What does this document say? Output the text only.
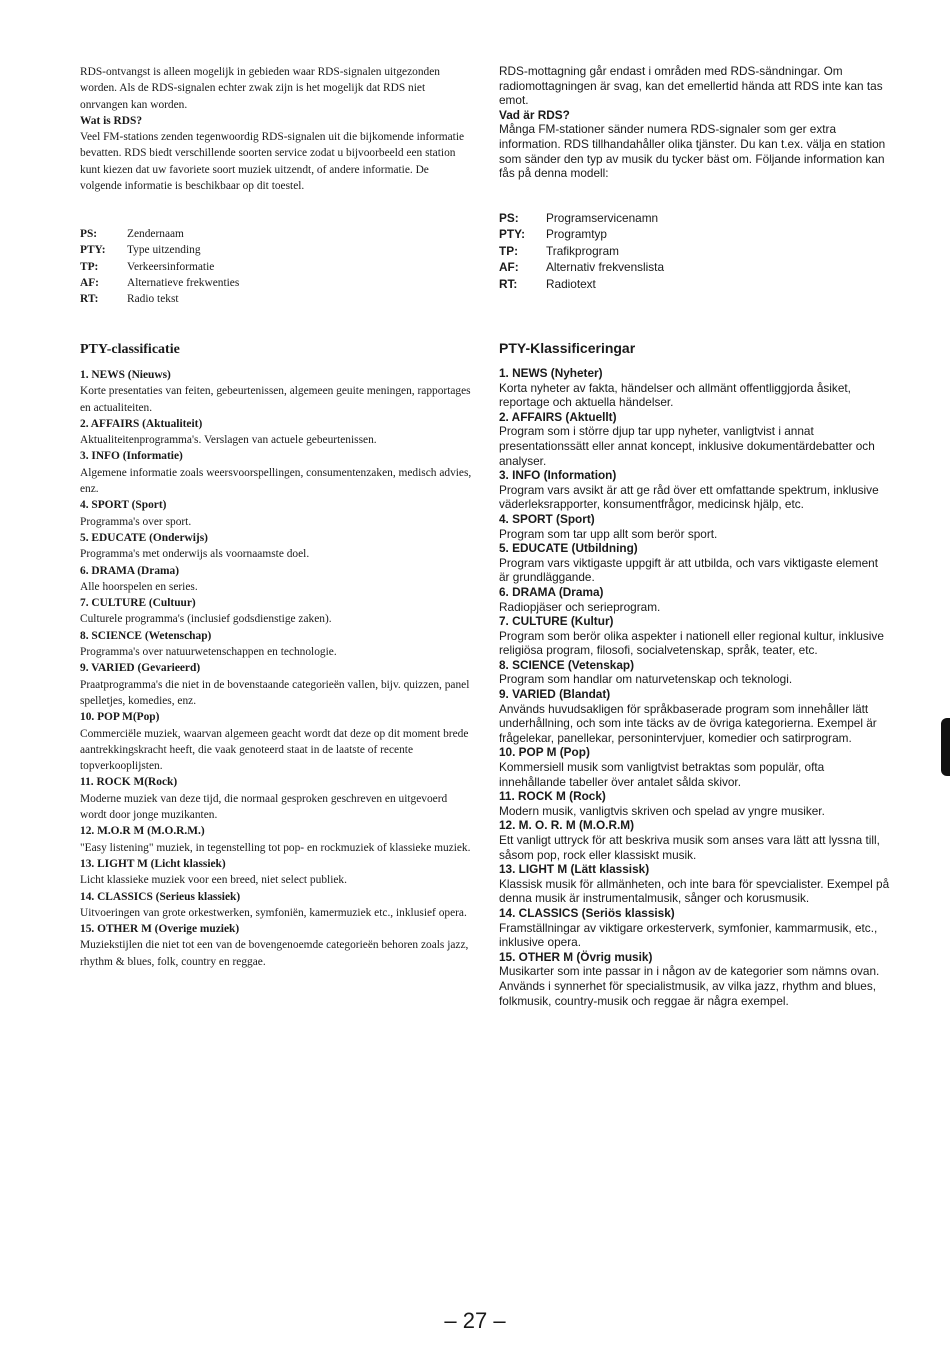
RDS-ontvangst is alleen mogelijk in gebieden waar RDS-signalen uitgezonden worden. Als de RDS-signalen echter zwak zijn is het mogelijk dat RDS niet onrvangen kan worden.

Wat is RDS?

Veel FM-stations zenden tegenwoordig RDS-signalen uit die bijkomende informatie bevatten. RDS biedt verschillende soorten service zodat u bijvoorbeeld een station kunt kiezen dat uw favoriete soort muziek uitzendt, of andere informatie. De volgende informatie is beschikbaar op dit toestel.

PS:	Zendernaam
PTY:	Type uitzending
TP:	Verkeersinformatie
AF:	Alternatieve frekwenties
RT:	Radio tekst

PTY-classificatie

1. NEWS (Nieuws)

Korte presentaties van feiten, gebeurtenissen, algemeen geuite meningen, rapportages en actualiteiten.

2. AFFAIRS (Aktualiteit)

Aktualiteitenprogramma's. Verslagen van actuele gebeurtenissen.

3. INFO (Informatie)

Algemene informatie zoals weersvoorspellingen, consumentenzaken, medisch advies, enz.

4. SPORT (Sport)

Programma's over sport.

5. EDUCATE (Onderwijs)

Programma's met onderwijs als voornaamste doel.

6. DRAMA (Drama)

Alle hoorspelen en series.

7. CULTURE (Cultuur)

Culturele programma's (inclusief godsdienstige zaken).

8. SCIENCE (Wetenschap)

Programma's over natuurwetenschappen en technologie.

9. VARIED (Gevarieerd)

Praatprogramma's die niet in de bovenstaande categorieën vallen, bijv. quizzen, panel spelletjes, komedies, enz.

10. POP M(Pop)

Commerciële muziek, waarvan algemeen geacht wordt dat deze op dit moment brede aantrekkingskracht heeft, die vaak genoteerd staat in de laatste of recente topverkooplijsten.

11. ROCK M(Rock)

Moderne muziek van deze tijd, die normaal gesproken geschreven en uitgevoerd wordt door jonge muzikanten.

12. M.O.R M (M.O.R.M.)

"Easy listening" muziek, in tegenstelling tot pop- en rockmuziek of klassieke muziek.

13. LIGHT M (Licht klassiek)

Licht klassieke muziek voor een breed, niet select publiek.

14. CLASSICS (Serieus klassiek)

Uitvoeringen van grote orkestwerken, symfoniën, kamermuziek etc., inklusief opera.

15. OTHER M (Overige muziek)

Muziekstijlen die niet tot een van de bovengenoemde categorieën behoren zoals jazz, rhythm & blues, folk, country en reggae.

RDS-mottagning går endast i områden med RDS-sändningar. Om radiomottagningen är svag, kan det emellertid hända att RDS inte kan tas emot.

Vad är RDS?

Många FM-stationer sänder numera RDS-signaler som ger extra information. RDS tillhandahåller olika tjänster. Du kan t.ex. välja en station som sänder den typ av musik du tycker bäst om. Följande information kan fås på denna modell:

PS:	Programservicenamn
PTY:	Programtyp
TP:	Trafikprogram
AF:	Alternativ frekvenslista
RT:	Radiotext

PTY-Klassificeringar

1. NEWS (Nyheter)

Korta nyheter av fakta, händelser och allmänt offentliggjorda åsiket, reportage och aktuella händelser.

2. AFFAIRS (Aktuellt)

Program som i större djup tar upp nyheter, vanligtvist i annat presentationssätt eller annat koncept, inklusive dokumentärdebatter och analyser.

3. INFO (Information)

Program vars avsikt är att ge råd över ett omfattande spektrum, inklusive väderleksrapporter, konsumentfrågor, medicinsk hjälp, etc.

4. SPORT (Sport)

Program som tar upp allt som berör sport.

5. EDUCATE (Utbildning)

Program vars viktigaste uppgift är att utbilda, och vars viktigaste element är grundläggande.

6. DRAMA (Drama)

Radiopjäser och serieprogram.

7. CULTURE (Kultur)

Program som berör olika aspekter i nationell eller regional kultur, inklusive religiösa program, filosofi, socialvetenskap, språk, teater, etc.

8. SCIENCE (Vetenskap)

Program som handlar om naturvetenskap och teknologi.

9. VARIED (Blandat)

Används huvudsakligen för språkbaserade program som innehåller lätt underhållning, och som inte täcks av de övriga kategorierna. Exempel är frågelekar, panellekar, personintervjuer, komedier och satirprogram.

10. POP M (Pop)

Kommersiell musik som vanligtvist betraktas som populär, ofta innehållande tabeller över antalet sålda skivor.

11. ROCK M (Rock)

Modern musik, vanligtvis skriven och spelad av yngre musiker.

12. M. O. R. M (M.O.R.M)

Ett vanligt uttryck för att beskriva musik som anses vara lätt att lyssna till, såsom pop, rock eller klassiskt musik.

13. LIGHT M (Lätt klassisk)

Klassisk musik för allmänheten, och inte bara för spevcialister. Exempel på denna musik är instrumentalmusik, sånger och korusmusik.

14. CLASSICS (Seriös klassisk)

Framställningar av viktigare orkesterverk, symfonier, kammarmusik, etc., inklusive opera.

15. OTHER M (Övrig musik)

Musikarter som inte passar in i någon av de kategorier som nämns ovan. Används i synnerhet för specialistmusik, av vilka jazz, rhythm and blues, folkmusik, country-musik och reggae är några exempel.

– 27 –
